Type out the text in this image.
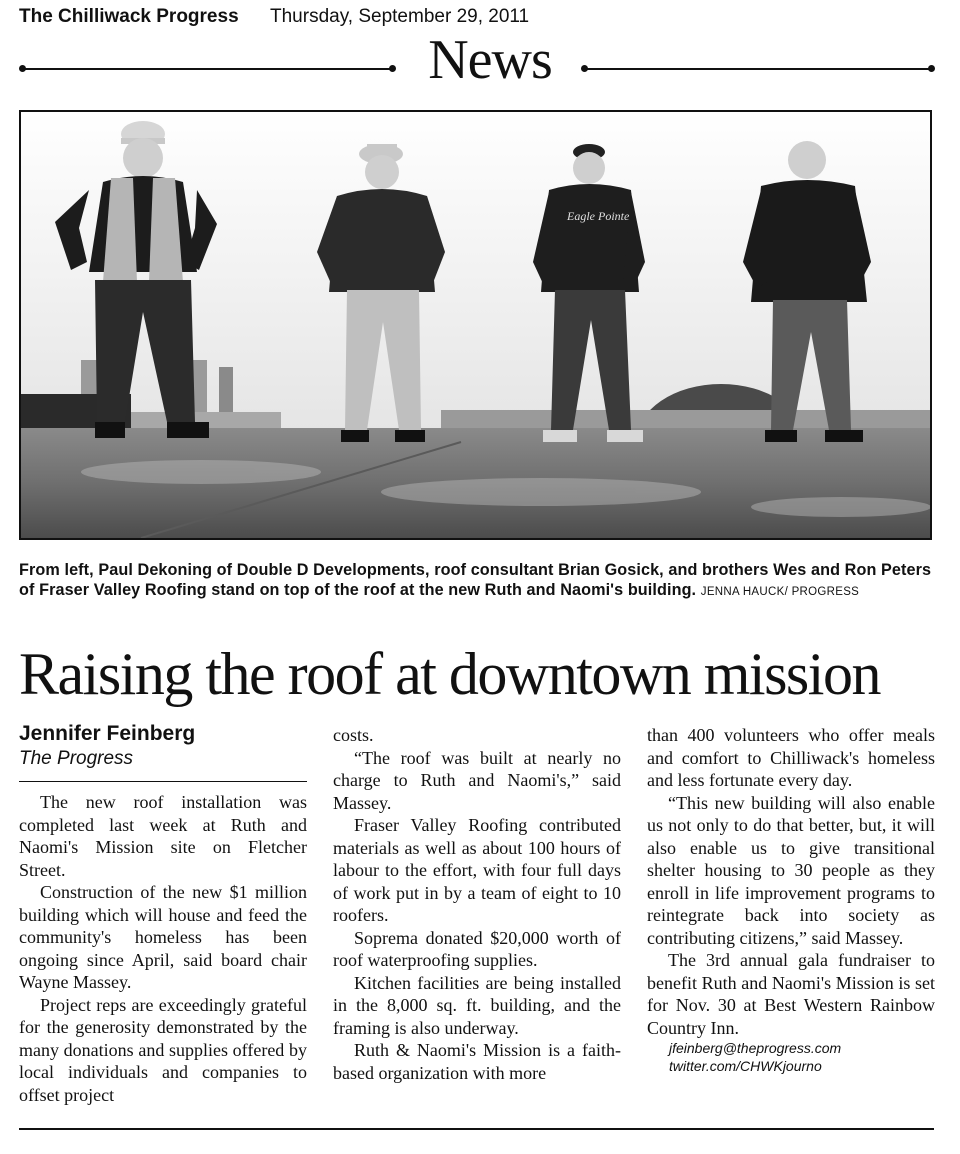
The Chilliwack Progress Thursday, September 29, 2011
News
Eagle Pointe
From left, Paul Dekoning of Double D Developments, roof consultant Brian Gosick, and brothers Wes and Ron Peters of Fraser Valley Roofing stand on top of the roof at the new Ruth and Naomi's building. JENNA HAUCK/ PROGRESS
Raising the roof at downtown mission
Jennifer Feinberg
The Progress

The new roof installation was completed last week at Ruth and Naomi's Mission site on Fletcher Street.

Construction of the new $1 million building which will house and feed the community's homeless has been ongoing since April, said board chair Wayne Massey.

Project reps are exceedingly grateful for the generosity demonstrated by the many donations and supplies offered by local individuals and companies to offset project

costs.

“The roof was built at nearly no charge to Ruth and Naomi's,” said Massey.

Fraser Valley Roofing contributed materials as well as about 100 hours of labour to the effort, with four full days of work put in by a team of eight to 10 roofers.

Soprema donated $20,000 worth of roof waterproofing supplies.

Kitchen facilities are being installed in the 8,000 sq. ft. building, and the framing is also underway.

Ruth & Naomi's Mission is a faith-based organization with more

than 400 volunteers who offer meals and comfort to Chilliwack's homeless and less fortunate every day.

“This new building will also enable us not only to do that better, but, it will also enable us to give transitional shelter housing to 30 people as they enroll in life improvement programs to reintegrate back into society as contributing citizens,” said Massey.

The 3rd annual gala fundraiser to benefit Ruth and Naomi's Mission is set for Nov. 30 at Best Western Rainbow Country Inn.

jfeinberg@theprogress.com

twitter.com/CHWKjourno
